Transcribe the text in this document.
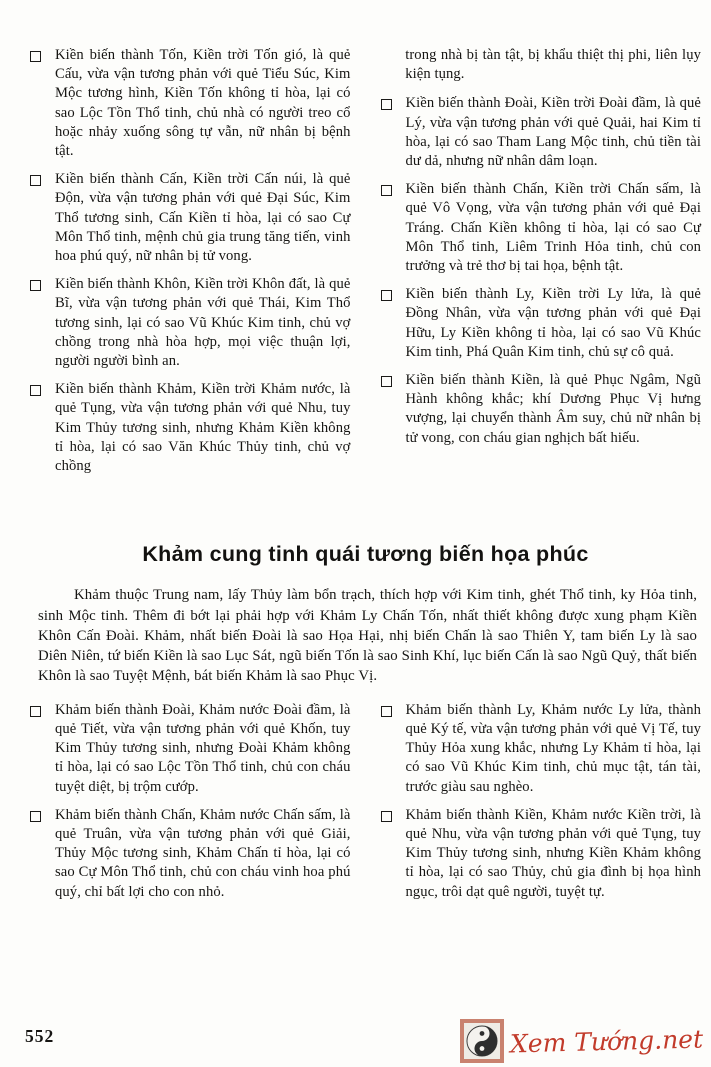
Kiền biến thành Tốn, Kiền trời Tốn gió, là quẻ Cấu, vừa vận tương phản với quẻ Tiểu Súc, Kim Mộc tương hình, Kiền Tốn không tỉ hòa, lại có sao Lộc Tồn Thổ tinh, chủ nhà có người treo cổ hoặc nhảy xuống sông tự vẫn, nữ nhân bị bệnh tật.

Kiền biến thành Cấn, Kiền trời Cấn núi, là quẻ Độn, vừa vận tương phản với quẻ Đại Súc, Kim Thổ tương sinh, Cấn Kiền tỉ hòa, lại có sao Cự Môn Thổ tinh, mệnh chủ gia trung tăng tiến, vinh hoa phú quý, nữ nhân bị tử vong.

Kiền biến thành Khôn, Kiền trời Khôn đất, là quẻ Bĩ, vừa vận tương phản với quẻ Thái, Kim Thổ tương sinh, lại có sao Vũ Khúc Kim tinh, chủ vợ chồng trong nhà hòa hợp, mọi việc thuận lợi, người người bình an.

Kiền biến thành Khảm, Kiền trời Khảm nước, là quẻ Tụng, vừa vận tương phản với quẻ Nhu, tuy Kim Thủy tương sinh, nhưng Khảm Kiền không tỉ hòa, lại có sao Văn Khúc Thủy tinh, chủ vợ chồng

trong nhà bị tàn tật, bị khẩu thiệt thị phi, liên lụy kiện tụng.

Kiền biến thành Đoài, Kiền trời Đoài đầm, là quẻ Lý, vừa vận tương phản với quẻ Quải, hai Kim tỉ hòa, lại có sao Tham Lang Mộc tinh, chủ tiền tài dư dả, nhưng nữ nhân dâm loạn.

Kiền biến thành Chấn, Kiền trời Chấn sấm, là quẻ Vô Vọng, vừa vận tương phản với quẻ Đại Tráng. Chấn Kiền không tỉ hòa, lại có sao Cự Môn Thổ tinh, Liêm Trinh Hỏa tinh, chủ con trưởng và trẻ thơ bị tai họa, bệnh tật.

Kiền biến thành Ly, Kiền trời Ly lửa, là quẻ Đồng Nhân, vừa vận tương phản với quẻ Đại Hữu, Ly Kiền không tỉ hòa, lại có sao Vũ Khúc Kim tinh, Phá Quân Kim tinh, chủ sự cô quả.

Kiền biến thành Kiền, là quẻ Phục Ngâm, Ngũ Hành không khắc; khí Dương Phục Vị hưng vượng, lại chuyển thành Âm suy, chủ nữ nhân bị tử vong, con cháu gian nghịch bất hiếu.

Khảm cung tinh quái tương biến họa phúc

Khảm thuộc Trung nam, lấy Thủy làm bổn trạch, thích hợp với Kim tinh, ghét Thổ tinh, ky Hỏa tinh, sinh Mộc tinh. Thêm đi bớt lại phải hợp với Khảm Ly Chấn Tốn, nhất thiết không được xung phạm Kiền Khôn Cấn Đoài. Khảm, nhất biến Đoài là sao Họa Hại, nhị biến Chấn là sao Thiên Y, tam biến Ly là sao Diên Niên, tứ biến Kiền là sao Lục Sát, ngũ biến Tốn là sao Sinh Khí, lục biến Cấn là sao Ngũ Quỷ, thất biến Khôn là sao Tuyệt Mệnh, bát biến Khảm là sao Phục Vị.

Khảm biến thành Đoài, Khảm nước Đoài đầm, là quẻ Tiết, vừa vận tương phản với quẻ Khốn, tuy Kim Thủy tương sinh, nhưng Đoài Khảm không tỉ hòa, lại có sao Lộc Tồn Thổ tinh, chủ con cháu tuyệt diệt, bị trộm cướp.

Khảm biến thành Chấn, Khảm nước Chấn sấm, là quẻ Truân, vừa vận tương phản với quẻ Giải, Thủy Mộc tương sinh, Khảm Chấn tỉ hòa, lại có sao Cự Môn Thổ tinh, chủ con cháu vinh hoa phú quý, chỉ bất lợi cho con nhỏ.

Khảm biến thành Ly, Khảm nước Ly lửa, thành quẻ Ký tế, vừa vận tương phản với quẻ Vị Tế, tuy Thủy Hỏa xung khắc, nhưng Ly Khảm tỉ hòa, lại có sao Vũ Khúc Kim tinh, chủ mục tật, tán tài, trước giàu sau nghèo.

Khảm biến thành Kiền, Khảm nước Kiền trời, là quẻ Nhu, vừa vận tương phản với quẻ Tụng, tuy Kim Thủy tương sinh, nhưng Kiền Khảm không tỉ hòa, lại có sao Thủy, chủ gia đình bị họa hình ngục, trôi dạt quê người, tuyệt tự.

552	Xem Tướng.net
